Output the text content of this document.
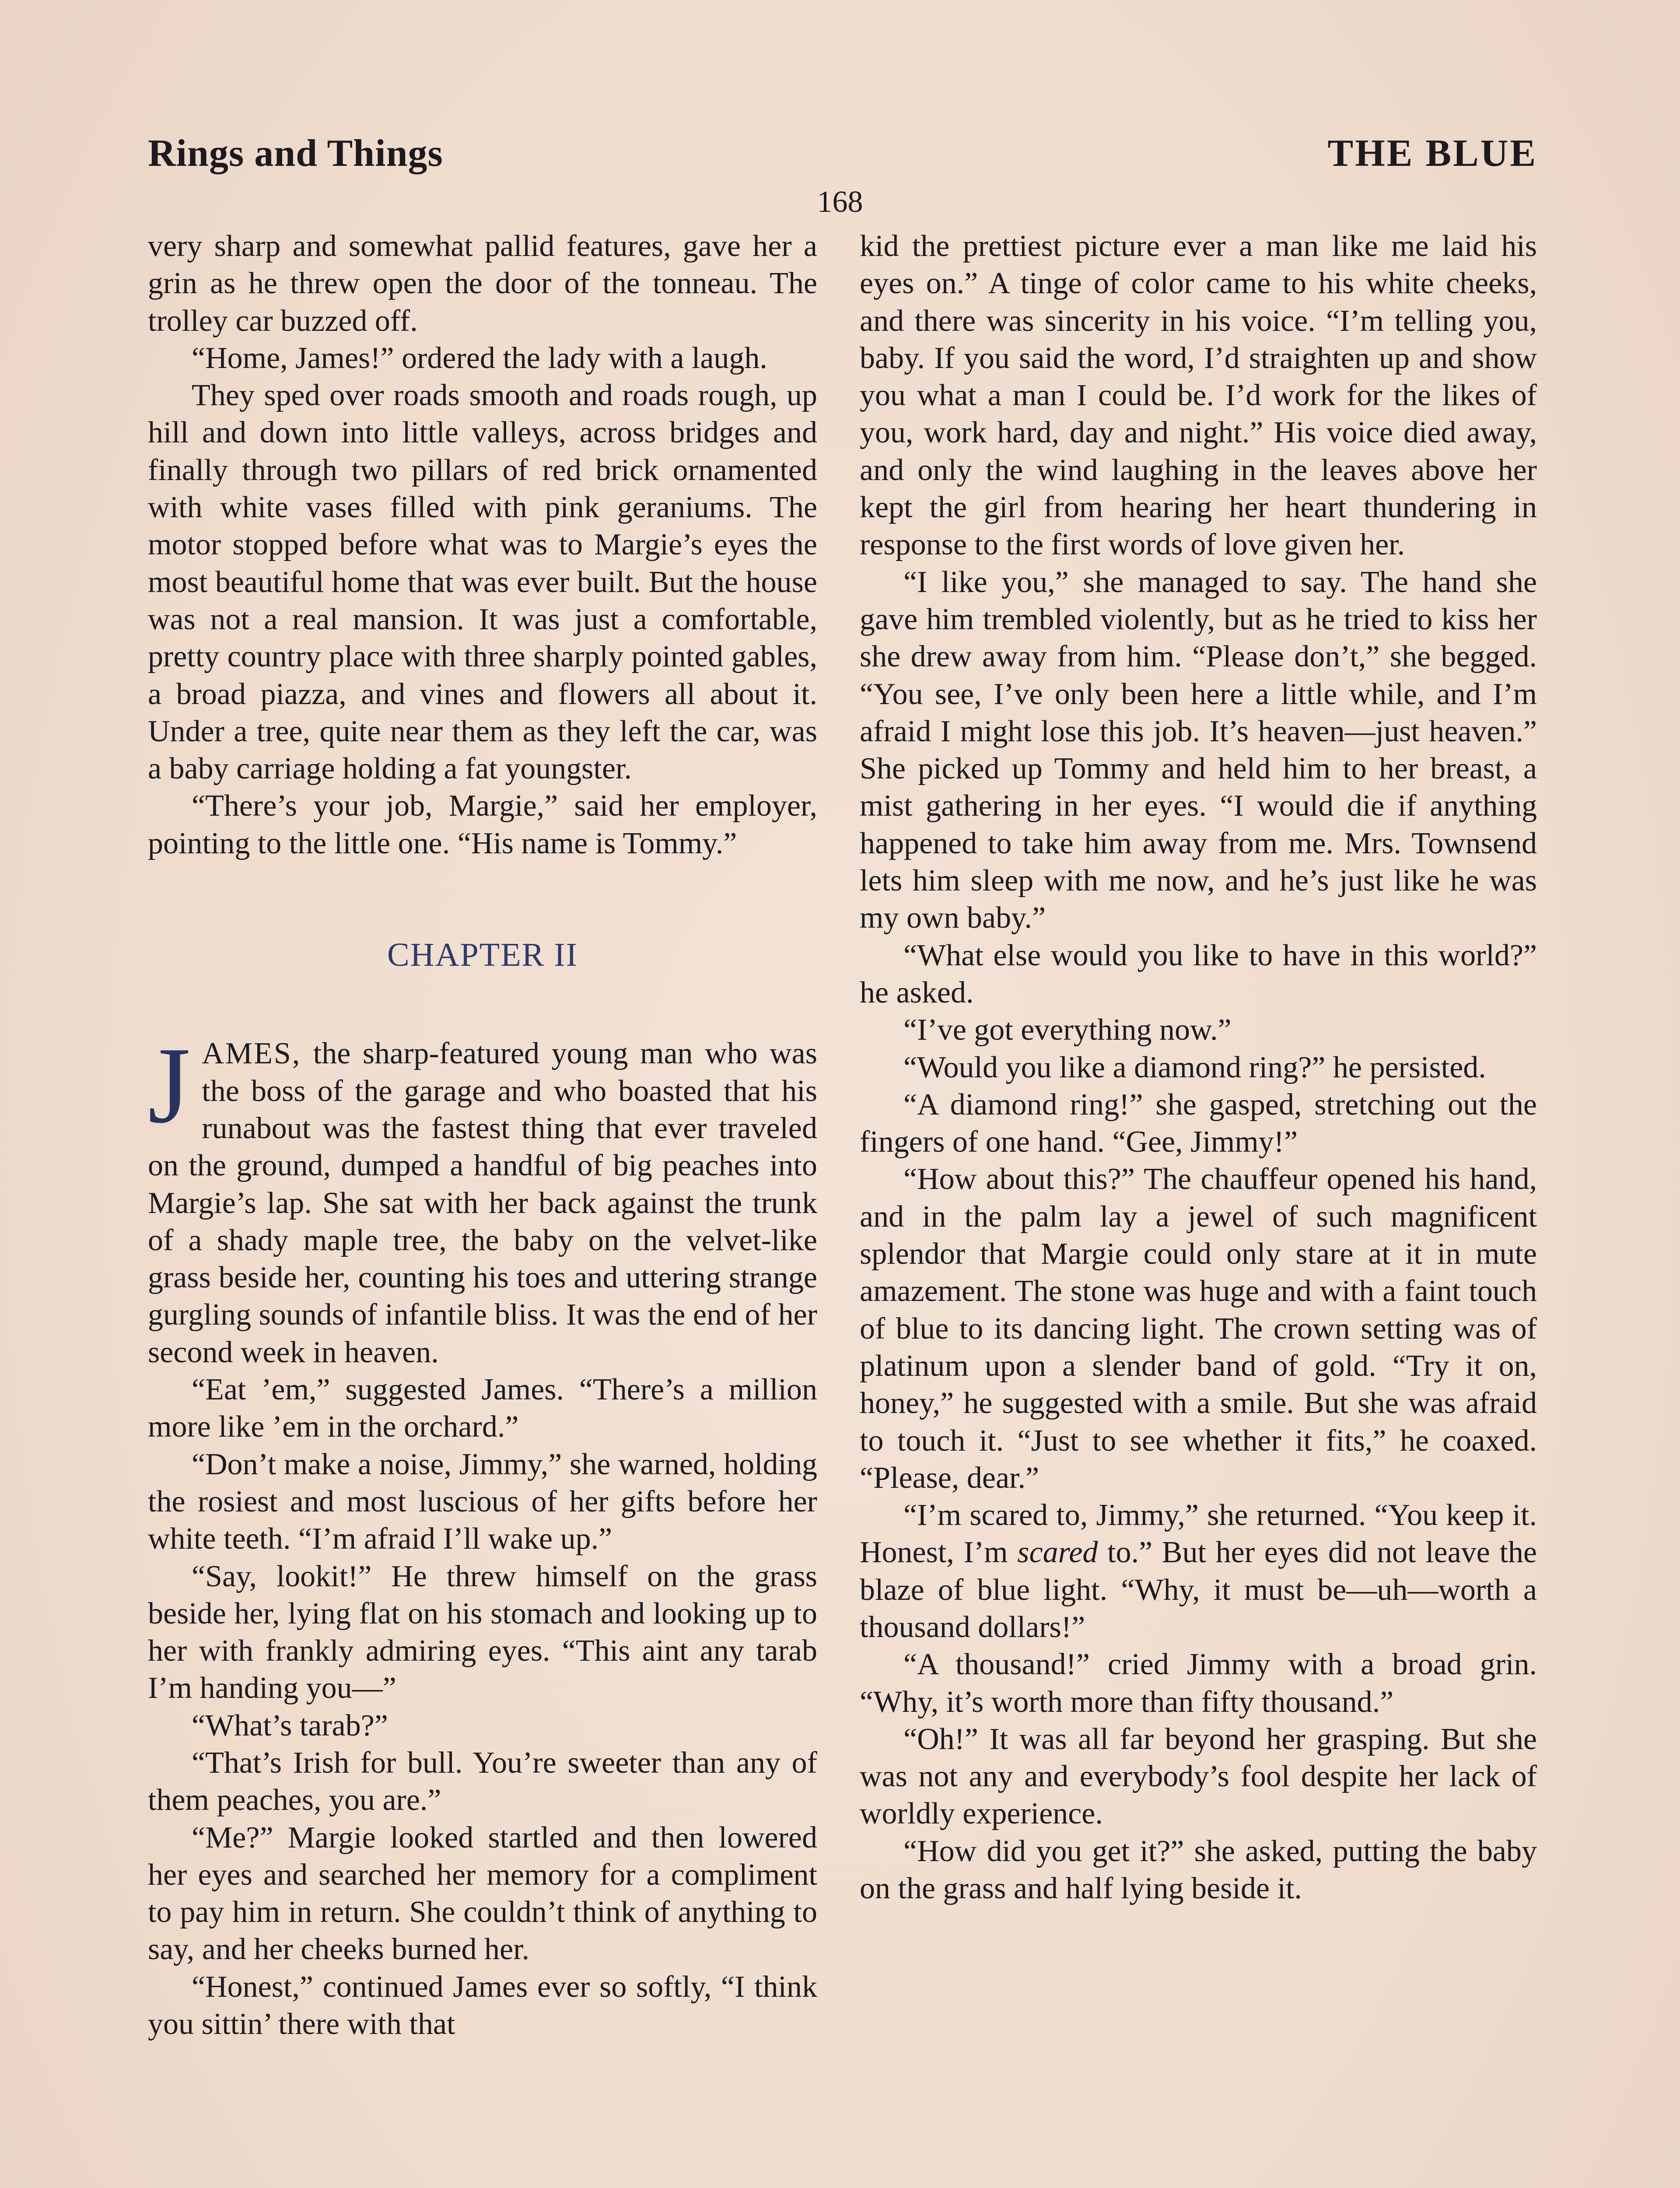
Rings and Things	THE BLUE
168

very sharp and somewhat pallid features, gave her a grin as he threw open the door of the tonneau. The trolley car buzzed off.

“Home, James!” ordered the lady with a laugh.

They sped over roads smooth and roads rough, up hill and down into little valleys, across bridges and finally through two pillars of red brick ornamented with white vases filled with pink geraniums. The motor stopped before what was to Margie’s eyes the most beautiful home that was ever built. But the house was not a real mansion. It was just a comfortable, pretty country place with three sharply pointed gables, a broad piazza, and vines and flowers all about it. Under a tree, quite near them as they left the car, was a baby carriage holding a fat youngster.

“There’s your job, Margie,” said her employer, pointing to the little one. “His name is Tommy.”

CHAPTER II

JAMES, the sharp-featured young man who was the boss of the garage and who boasted that his runabout was the fastest thing that ever traveled on the ground, dumped a handful of big peaches into Margie’s lap. She sat with her back against the trunk of a shady maple tree, the baby on the velvet-like grass beside her, counting his toes and uttering strange gurgling sounds of infantile bliss. It was the end of her second week in heaven.

“Eat ’em,” suggested James. “There’s a million more like ’em in the orchard.”

“Don’t make a noise, Jimmy,” she warned, holding the rosiest and most luscious of her gifts before her white teeth. “I’m afraid I’ll wake up.”

“Say, lookit!” He threw himself on the grass beside her, lying flat on his stomach and looking up to her with frankly admiring eyes. “This aint any tarab I’m handing you—”

“What’s tarab?”

“That’s Irish for bull. You’re sweeter than any of them peaches, you are.”

“Me?” Margie looked startled and then lowered her eyes and searched her memory for a compliment to pay him in return. She couldn’t think of anything to say, and her cheeks burned her.

“Honest,” continued James ever so softly, “I think you sittin’ there with that

kid the prettiest picture ever a man like me laid his eyes on.” A tinge of color came to his white cheeks, and there was sincerity in his voice. “I’m telling you, baby. If you said the word, I’d straighten up and show you what a man I could be. I’d work for the likes of you, work hard, day and night.” His voice died away, and only the wind laughing in the leaves above her kept the girl from hearing her heart thundering in response to the first words of love given her.

“I like you,” she managed to say. The hand she gave him trembled violently, but as he tried to kiss her she drew away from him. “Please don’t,” she begged. “You see, I’ve only been here a little while, and I’m afraid I might lose this job. It’s heaven—just heaven.” She picked up Tommy and held him to her breast, a mist gathering in her eyes. “I would die if anything happened to take him away from me. Mrs. Townsend lets him sleep with me now, and he’s just like he was my own baby.”

“What else would you like to have in this world?” he asked.

“I’ve got everything now.”

“Would you like a diamond ring?” he persisted.

“A diamond ring!” she gasped, stretching out the fingers of one hand. “Gee, Jimmy!”

“How about this?” The chauffeur opened his hand, and in the palm lay a jewel of such magnificent splendor that Margie could only stare at it in mute amazement. The stone was huge and with a faint touch of blue to its dancing light. The crown setting was of platinum upon a slender band of gold. “Try it on, honey,” he suggested with a smile. But she was afraid to touch it. “Just to see whether it fits,” he coaxed. “Please, dear.”

“I’m scared to, Jimmy,” she returned. “You keep it. Honest, I’m scared to.” But her eyes did not leave the blaze of blue light. “Why, it must be—uh—worth a thousand dollars!”

“A thousand!” cried Jimmy with a broad grin. “Why, it’s worth more than fifty thousand.”

“Oh!” It was all far beyond her grasping. But she was not any and everybody’s fool despite her lack of worldly experience.

“How did you get it?” she asked, putting the baby on the grass and half lying beside it.
